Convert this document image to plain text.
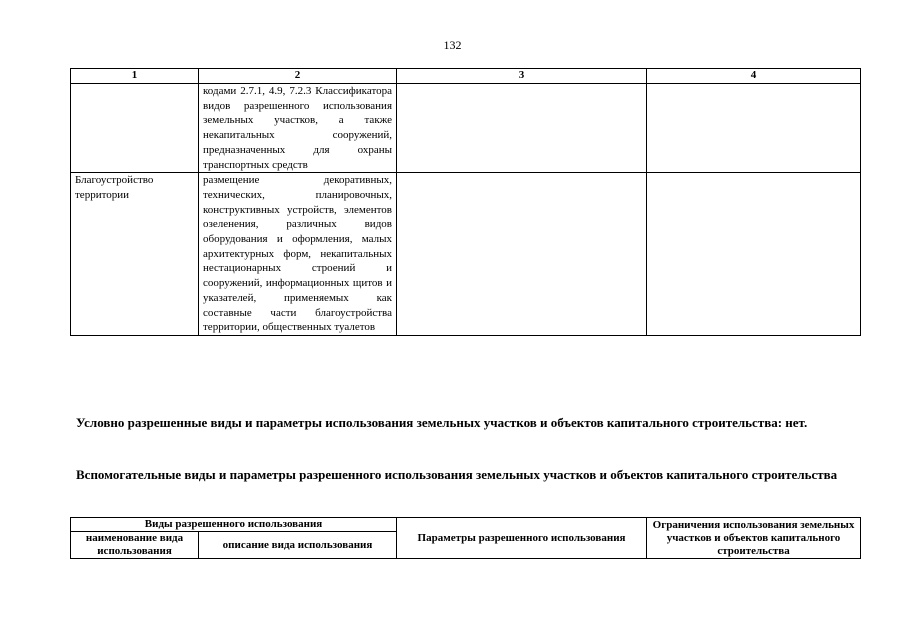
132
1	2	3	4
	кодами 2.7.1, 4.9, 7.2.3 Классификатора видов разрешенного использования земельных участков, а также некапитальных сооружений, предназначенных для охраны транспортных средств		
Благоустройство территории	размещение декоративных, технических, планировочных, конструктивных устройств, элементов озеленения, различных видов оборудования и оформления, малых архитектурных форм, некапитальных нестационарных строений и сооружений, информационных щитов и указателей, применяемых как составные части благоустройства территории, общественных туалетов		
Условно разрешенные виды и параметры использования земельных участков и объектов капитального строительства: нет.
Вспомогательные виды и параметры разрешенного использования земельных участков и объектов капитального строительства
Виды разрешенного использования		Параметры разрешенного использования	Ограничения использования земельных участков и объектов капитального строительства
наименование вида использования	описание вида использования		
